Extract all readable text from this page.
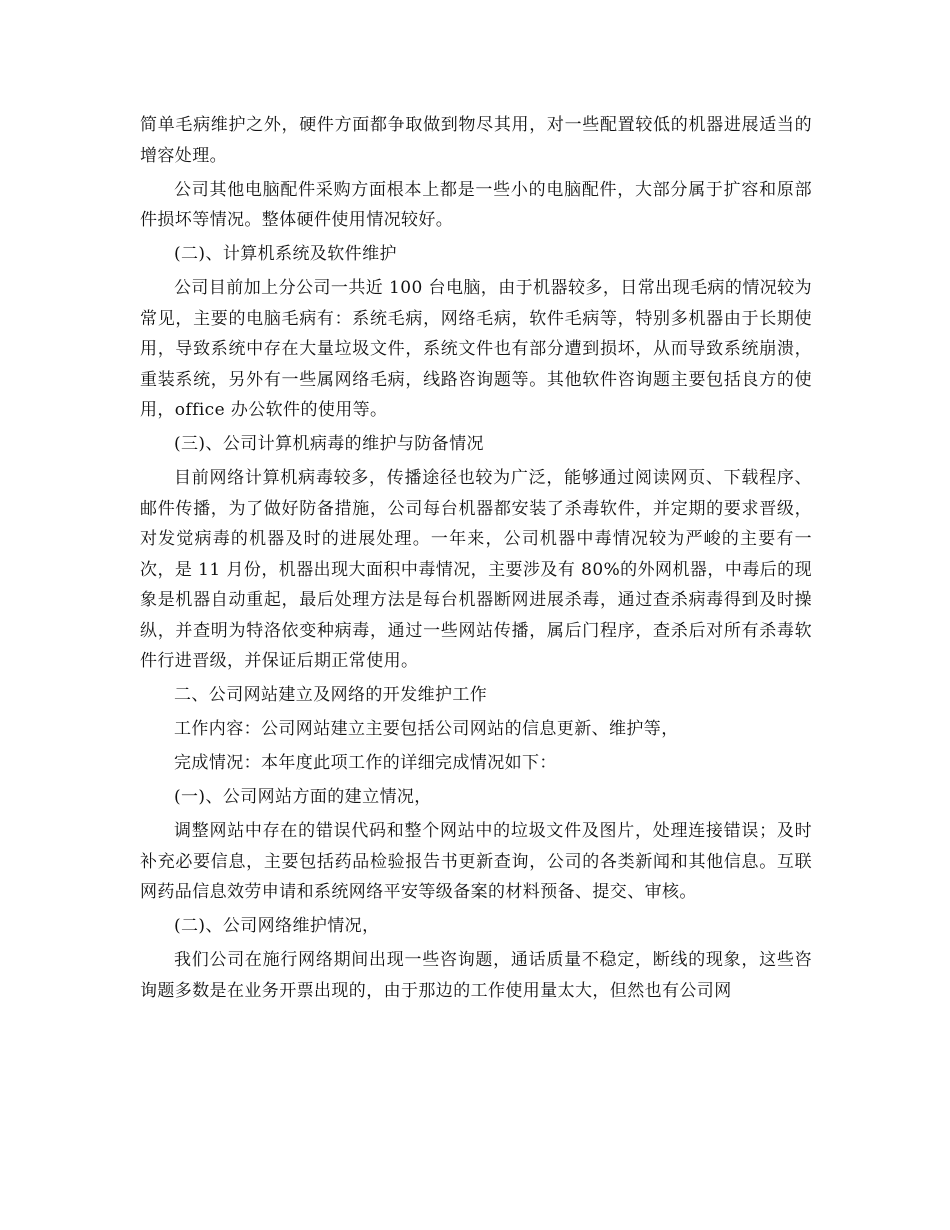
简单毛病维护之外，硬件方面都争取做到物尽其用，对一些配置较低的机器进展适当的增容处理。

公司其他电脑配件采购方面根本上都是一些小的电脑配件，大部分属于扩容和原部件损坏等情况。整体硬件使用情况较好。

(二)、计算机系统及软件维护

公司目前加上分公司一共近 100 台电脑，由于机器较多，日常出现毛病的情况较为常见，主要的电脑毛病有：系统毛病，网络毛病，软件毛病等，特别多机器由于长期使用，导致系统中存在大量垃圾文件，系统文件也有部分遭到损坏，从而导致系统崩溃，重装系统，另外有一些属网络毛病，线路咨询题等。其他软件咨询题主要包括良方的使用，office 办公软件的使用等。

(三)、公司计算机病毒的维护与防备情况

目前网络计算机病毒较多，传播途径也较为广泛，能够通过阅读网页、下载程序、邮件传播，为了做好防备措施，公司每台机器都安装了杀毒软件，并定期的要求晋级，对发觉病毒的机器及时的进展处理。一年来，公司机器中毒情况较为严峻的主要有一次，是 11 月份，机器出现大面积中毒情况，主要涉及有 80%的外网机器，中毒后的现象是机器自动重起，最后处理方法是每台机器断网进展杀毒，通过查杀病毒得到及时操纵，并查明为特洛依变种病毒，通过一些网站传播，属后门程序，查杀后对所有杀毒软件行进晋级，并保证后期正常使用。

二、公司网站建立及网络的开发维护工作

工作内容：公司网站建立主要包括公司网站的信息更新、维护等，

完成情况：本年度此项工作的详细完成情况如下：

(一)、公司网站方面的建立情况，

调整网站中存在的错误代码和整个网站中的垃圾文件及图片，处理连接错误；及时补充必要信息，主要包括药品检验报告书更新查询，公司的各类新闻和其他信息。互联网药品信息效劳申请和系统网络平安等级备案的材料预备、提交、审核。

(二)、公司网络维护情况，

我们公司在施行网络期间出现一些咨询题，通话质量不稳定，断线的现象，这些咨询题多数是在业务开票出现的，由于那边的工作使用量太大，但然也有公司网
